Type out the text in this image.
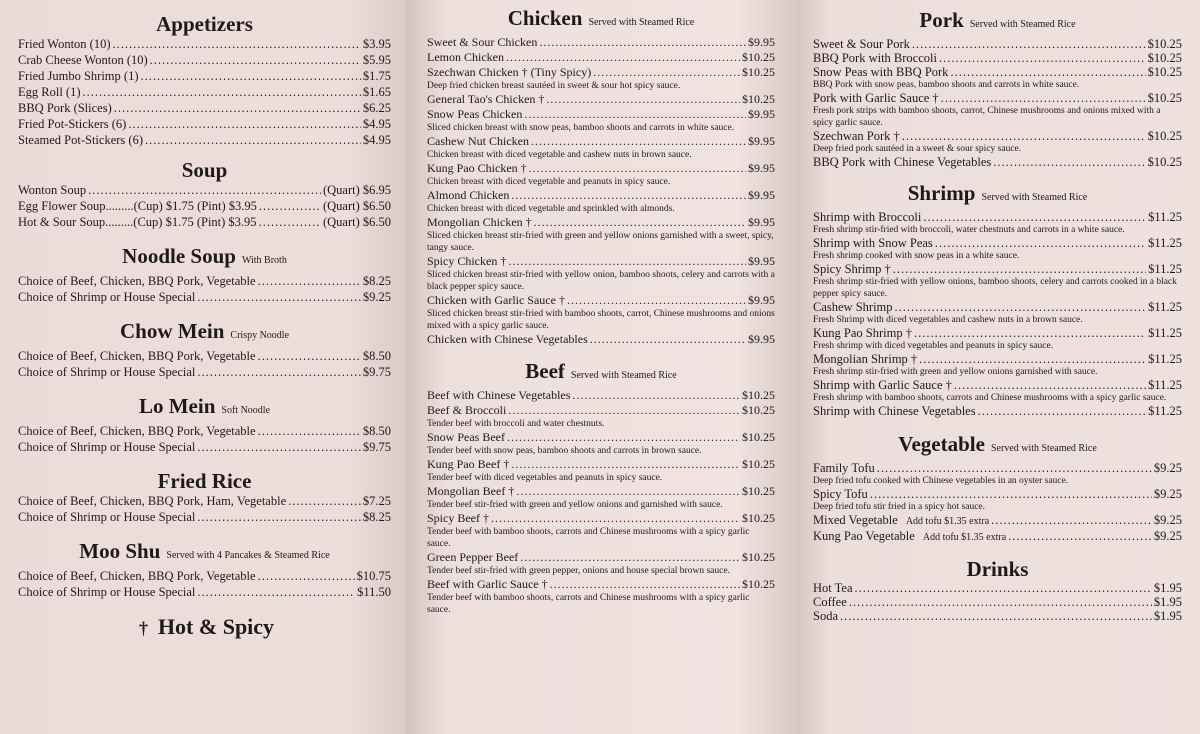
Appetizers
Fried Wonton (10) .....	$3.95
Crab Cheese Wonton (10) .....	$5.95
Fried Jumbo Shrimp (1) .....	$1.75
Egg Roll (1) .....	$1.65
BBQ Pork (Slices) .....	$6.25
Fried Pot-Stickers (6) .....	$4.95
Steamed Pot-Stickers (6) .....	$4.95
Soup
Wonton Soup .....	(Quart) $6.95
Egg Flower Soup.........(Cup) $1.75 (Pint) $3.95 .....	(Quart) $6.50
Hot & Sour Soup.........(Cup) $1.75 (Pint) $3.95 .....	(Quart) $6.50
Noodle Soup With Broth
Choice of Beef, Chicken, BBQ Pork, Vegetable .....	$8.25
Choice of Shrimp or House Special .....	$9.25
Chow Mein Crispy Noodle
Choice of Beef, Chicken, BBQ Pork, Vegetable .....	$8.50
Choice of Shrimp or House Special .....	$9.75
Lo Mein Soft Noodle
Choice of Beef, Chicken, BBQ Pork, Vegetable .....	$8.50
Choice of Shrimp or House Special .....	$9.75
Fried Rice
Choice of Beef, Chicken, BBQ Pork, Ham, Vegetable .....	$7.25
Choice of Shrimp or House Special .....	$8.25
Moo Shu Served with 4 Pancakes & Steamed Rice
Choice of Beef, Chicken, BBQ Pork, Vegetable .....	$10.75
Choice of Shrimp or House Special .....	$11.50
† Hot & Spicy
Chicken Served with Steamed Rice
Sweet & Sour Chicken .....	$9.95
Lemon Chicken .....	$10.25
Szechwan Chicken † (Tiny Spicy) .....	$10.25
Deep fried chicken breast sautéed in sweet & sour hot spicy sauce.
General Tao's Chicken † .....	$10.25
Snow Peas Chicken .....	$9.95
Sliced chicken breast with snow peas, bamboo shoots and carrots in white sauce.
Cashew Nut Chicken .....	$9.95
Chicken breast with diced vegetable and cashew nuts in brown sauce.
Kung Pao Chicken † .....	$9.95
Chicken breast with diced vegetable and peanuts in spicy sauce.
Almond Chicken .....	$9.95
Chicken breast with diced vegetable and sprinkled with almonds.
Mongolian Chicken † .....	$9.95
Sliced chicken breast stir-fried with green and yellow onions garnished with a sweet, spicy, tangy sauce.
Spicy Chicken † .....	$9.95
Sliced chicken breast stir-fried with yellow onion, bamboo shoots, celery and carrots with a black pepper spicy sauce.
Chicken with Garlic Sauce † .....	$9.95
Sliced chicken breast stir-fried with bamboo shoots, carrot, Chinese mushrooms and onions mixed with a spicy garlic sauce.
Chicken with Chinese Vegetables .....	$9.95
Beef Served with Steamed Rice
Beef with Chinese Vegetables .....	$10.25
Beef & Broccoli .....	$10.25
Tender beef with broccoli and water chestnuts.
Snow Peas Beef .....	$10.25
Tender beef with snow peas, bamboo shoots and carrots in brown sauce.
Kung Pao Beef † .....	$10.25
Tender beef with diced vegetables and peanuts in spicy sauce.
Mongolian Beef † .....	$10.25
Tender beef stir-fried with green and yellow onions and garnished with sauce.
Spicy Beef † .....	$10.25
Tender beef with bamboo shoots, carrots and Chinese mushrooms with a spicy garlic sauce.
Green Pepper Beef .....	$10.25
Tender beef stir-fried with green pepper, onions and house special brown sauce.
Beef with Garlic Sauce † .....	$10.25
Tender beef with bamboo shoots, carrots and Chinese mushrooms with a spicy garlic sauce.
Pork Served with Steamed Rice
Sweet & Sour Pork .....	$10.25
BBQ Pork with Broccoli .....	$10.25
Snow Peas with BBQ Pork .....	$10.25
BBQ Pork with snow peas, bamboo shoots and carrots in white sauce.
Pork with Garlic Sauce † .....	$10.25
Fresh pork strips with bamboo shoots, carrot, Chinese mushrooms and onions mixed with a spicy garlic sauce.
Szechwan Pork † .....	$10.25
Deep fried pork sautéed in a sweet & sour spicy sauce.
BBQ Pork with Chinese Vegetables .....	$10.25
Shrimp Served with Steamed Rice
Shrimp with Broccoli .....	$11.25
Fresh shrimp stir-fried with broccoli, water chestnuts and carrots in a white sauce.
Shrimp with Snow Peas .....	$11.25
Fresh shrimp cooked with snow peas in a white sauce.
Spicy Shrimp † .....	$11.25
Fresh shrimp stir-fried with yellow onions, bamboo shoots, celery and carrots cooked in a black pepper spicy sauce.
Cashew Shrimp .....	$11.25
Fresh Shrimp with diced vegetables and cashew nuts in a brown sauce.
Kung Pao Shrimp † .....	$11.25
Fresh shrimp with diced vegetables and peanuts in spicy sauce.
Mongolian Shrimp † .....	$11.25
Fresh shrimp stir-fried with green and yellow onions garnished with sauce.
Shrimp with Garlic Sauce † .....	$11.25
Fresh shrimp with bamboo shoots, carrots and Chinese mushrooms with a spicy garlic sauce.
Shrimp with Chinese Vegetables .....	$11.25
Vegetable Served with Steamed Rice
Family Tofu .....	$9.25
Deep fried tofu cooked with Chinese vegetables in an oyster sauce.
Spicy Tofu .....	$9.25
Deep fried tofu stir fried in a spicy hot sauce.
Mixed Vegetable Add tofu $1.35 extra .....	$9.25
Kung Pao Vegetable Add tofu $1.35 extra .....	$9.25
Drinks
Hot Tea .....	$1.95
Coffee .....	$1.95
Soda .....	$1.95
